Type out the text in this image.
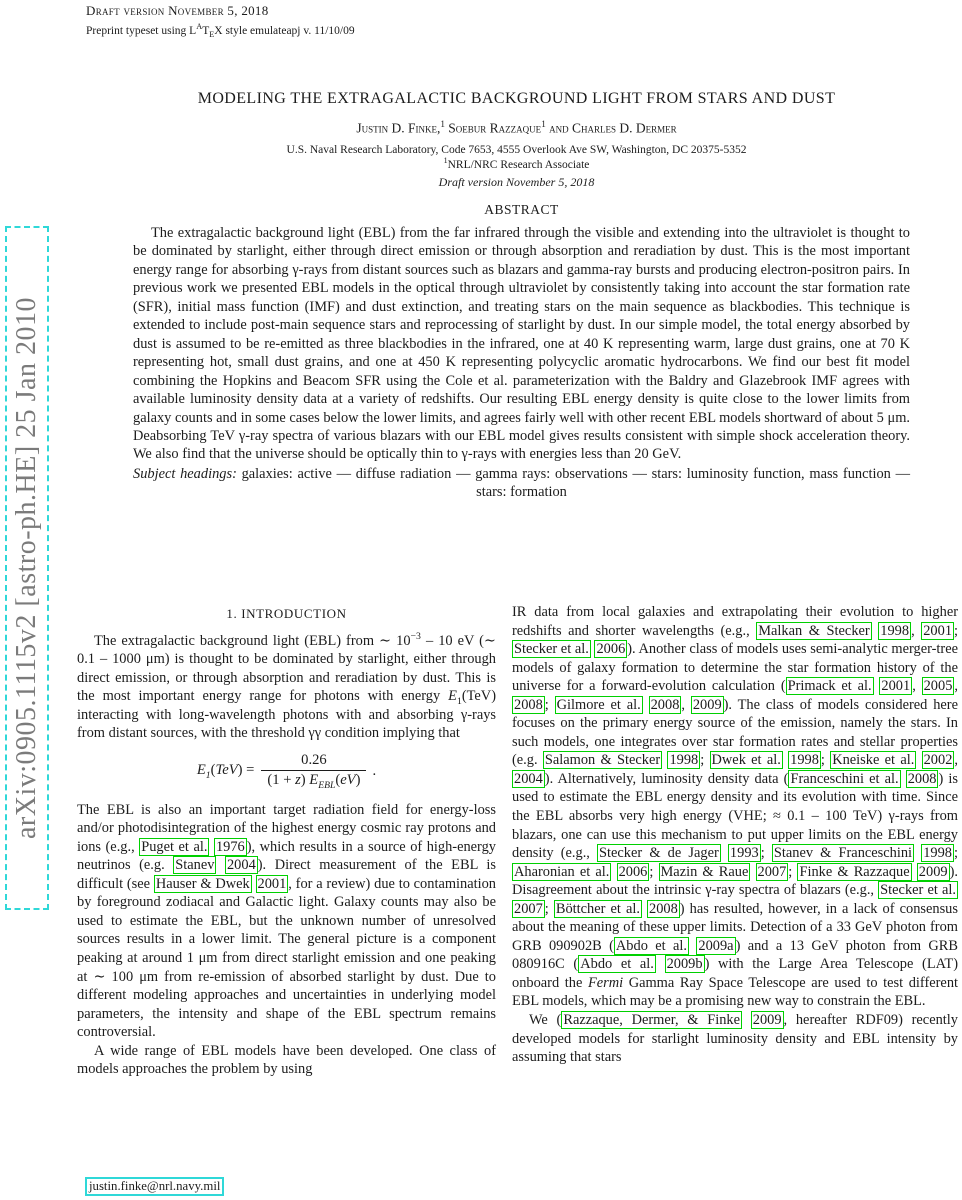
Draft version November 5, 2018
Preprint typeset using $L^AT_EX$ style emulateapj v. 11/10/09
arXiv:0905.1115v2 [astro-ph.HE] 25 Jan 2010
MODELING THE EXTRAGALACTIC BACKGROUND LIGHT FROM STARS AND DUST
Justin D. Finke,$^1$ Soebur Razzaque$^1$ and Charles D. Dermer
U.S. Naval Research Laboratory, Code 7653, 4555 Overlook Ave SW, Washington, DC 20375-5352
$^1$NRL/NRC Research Associate
Draft version November 5, 2018
ABSTRACT
The extragalactic background light (EBL) from the far infrared through the visible and extending into the ultraviolet is thought to be dominated by starlight, either through direct emission or through absorption and reradiation by dust. This is the most important energy range for absorbing γ-rays from distant sources such as blazars and gamma-ray bursts and producing electron-positron pairs. In previous work we presented EBL models in the optical through ultraviolet by consistently taking into account the star formation rate (SFR), initial mass function (IMF) and dust extinction, and treating stars on the main sequence as blackbodies. This technique is extended to include post-main sequence stars and reprocessing of starlight by dust. In our simple model, the total energy absorbed by dust is assumed to be re-emitted as three blackbodies in the infrared, one at 40 K representing warm, large dust grains, one at 70 K representing hot, small dust grains, and one at 450 K representing polycyclic aromatic hydrocarbons. We find our best fit model combining the Hopkins and Beacom SFR using the Cole et al. parameterization with the Baldry and Glazebrook IMF agrees with available luminosity density data at a variety of redshifts. Our resulting EBL energy density is quite close to the lower limits from galaxy counts and in some cases below the lower limits, and agrees fairly well with other recent EBL models shortward of about 5 μm. Deabsorbing TeV γ-ray spectra of various blazars with our EBL model gives results consistent with simple shock acceleration theory. We also find that the universe should be optically thin to γ-rays with energies less than 20 GeV.
Subject headings: galaxies: active — diffuse radiation — gamma rays: observations — stars: luminosity function, mass function — stars: formation
1. INTRODUCTION

The extragalactic background light (EBL) from ∼ $10^{-3} - 10$ eV (∼ 0.1 – 1000 μm) is thought to be dominated by starlight, either through direct emission, or through absorption and reradiation by dust. This is the most important energy range for photons with energy $E_1(TeV)$ interacting with long-wavelength photons with and absorbing γ-rays from distant sources, with the threshold γγ condition implying that

$E_1(TeV) = \frac{0.26}{(1 + z) E_{EBL}(eV)}$ .

The EBL is also an important target radiation field for energy-loss and/or photodisintegration of the highest energy cosmic ray protons and ions (e.g., Puget et al. 1976 ), which results in a source of high-energy neutrinos (e.g. Stanev 2004 ). Direct measurement of the EBL is difficult (see Hauser & Dwek 2001 , for a review) due to contamination by foreground zodiacal and Galactic light. Galaxy counts may also be used to estimate the EBL, but the unknown number of unresolved sources results in a lower limit. The general picture is a component peaking at around 1 μm from direct starlight emission and one peaking at ∼ 100 μm from re-emission of absorbed starlight by dust. Due to different modeling approaches and uncertainties in underlying model parameters, the intensity and shape of the EBL spectrum remains controversial.

A wide range of EBL models have been developed. One class of models approaches the problem by using

IR data from local galaxies and extrapolating their evolution to higher redshifts and shorter wavelengths (e.g., Malkan & Stecker 1998 , 2001 ; Stecker et al. 2006 ). Another class of models uses semi-analytic merger-tree models of galaxy formation to determine the star formation history of the universe for a forward-evolution calculation ( Primack et al. 2001 , 2005 , 2008 ; Gilmore et al. 2008 , 2009 ). The class of models considered here focuses on the primary energy source of the emission, namely the stars. In such models, one integrates over star formation rates and stellar properties (e.g. Salamon & Stecker 1998 ; Dwek et al. 1998 ; Kneiske et al. 2002 , 2004 ). Alternatively, luminosity density data ( Franceschini et al. 2008 ) is used to estimate the EBL energy density and its evolution with time. Since the EBL absorbs very high energy (VHE; ≈ 0.1 – 100 TeV) γ-rays from blazars, one can use this mechanism to put upper limits on the EBL energy density (e.g., Stecker & de Jager 1993 ; Stanev & Franceschini 1998 ; Aharonian et al. 2006 ; Mazin & Raue 2007 ; Finke & Razzaque 2009 ). Disagreement about the intrinsic γ-ray spectra of blazars (e.g., Stecker et al. 2007 ; Böttcher et al. 2008 ) has resulted, however, in a lack of consensus about the meaning of these upper limits. Detection of a 33 GeV photon from GRB 090902B ( Abdo et al. 2009a ) and a 13 GeV photon from GRB 080916C ( Abdo et al. 2009b ) with the Large Area Telescope (LAT) onboard the Fermi Gamma Ray Space Telescope are used to test different EBL models, which may be a promising new way to constrain the EBL.

We ( Razzaque, Dermer, & Finke 2009 , hereafter RDF09) recently developed models for starlight luminosity density and EBL intensity by assuming that stars

justin.finke@nrl.navy.mil
